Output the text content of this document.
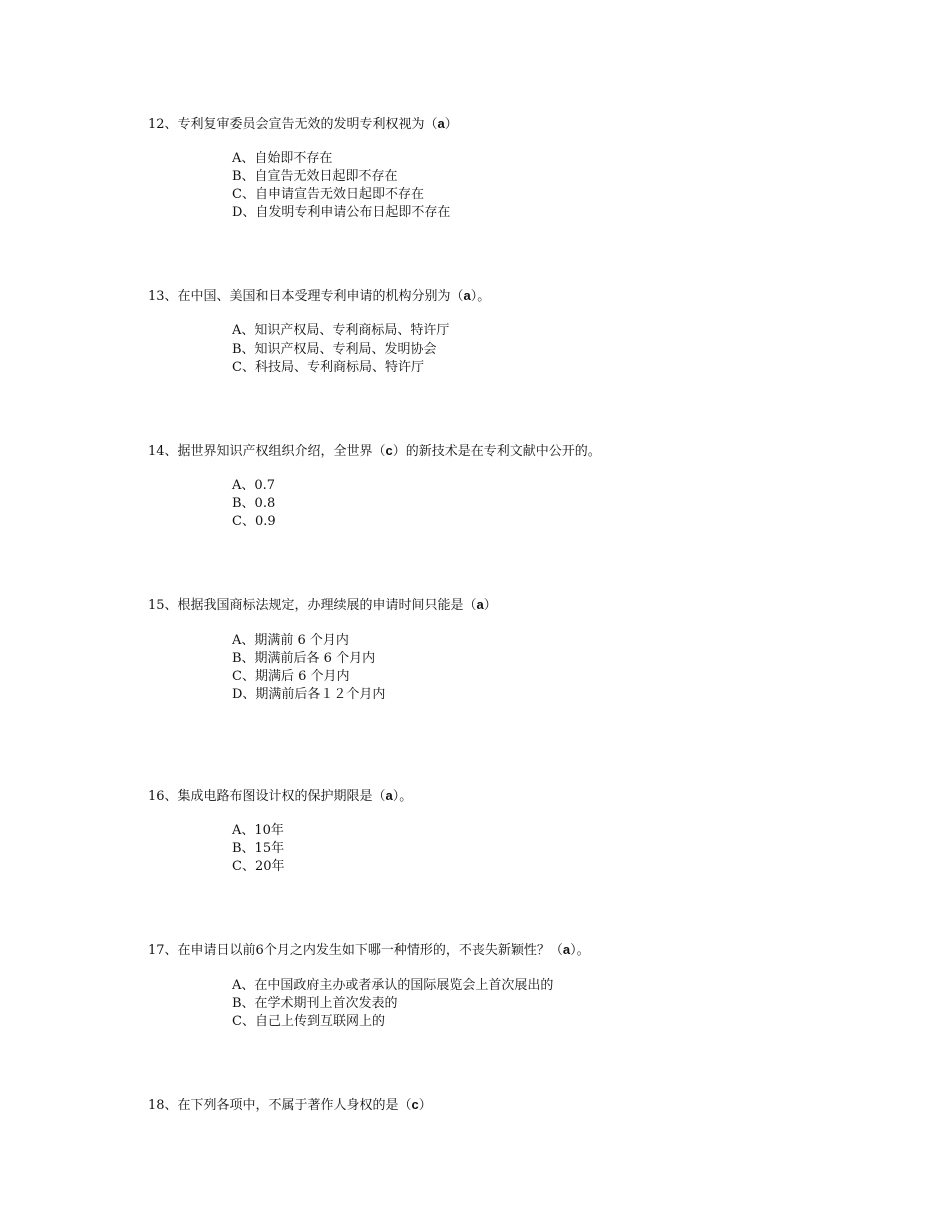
12、专利复审委员会宣告无效的发明专利权视为（a）
A、自始即不存在
B、自宣告无效日起即不存在
C、自申请宣告无效日起即不存在
D、自发明专利申请公布日起即不存在
13、在中国、美国和日本受理专利申请的机构分别为（a）。
A、知识产权局、专利商标局、特许厅
B、知识产权局、专利局、发明协会
C、科技局、专利商标局、特许厅
14、据世界知识产权组织介绍，全世界（c）的新技术是在专利文献中公开的。
A、0.7
B、0.8
C、0.9
15、根据我国商标法规定，办理续展的申请时间只能是（a）
A、期满前 6 个月内
B、期满前后各 6 个月内
C、期满后 6 个月内
D、期满前后各１２个月内
16、集成电路布图设计权的保护期限是（a）。
A、10年
B、15年
C、20年
17、在申请日以前6个月之内发生如下哪一种情形的，不丧失新颖性？（a）。
A、在中国政府主办或者承认的国际展览会上首次展出的
B、在学术期刊上首次发表的
C、自己上传到互联网上的
18、在下列各项中，不属于著作人身权的是（c）
